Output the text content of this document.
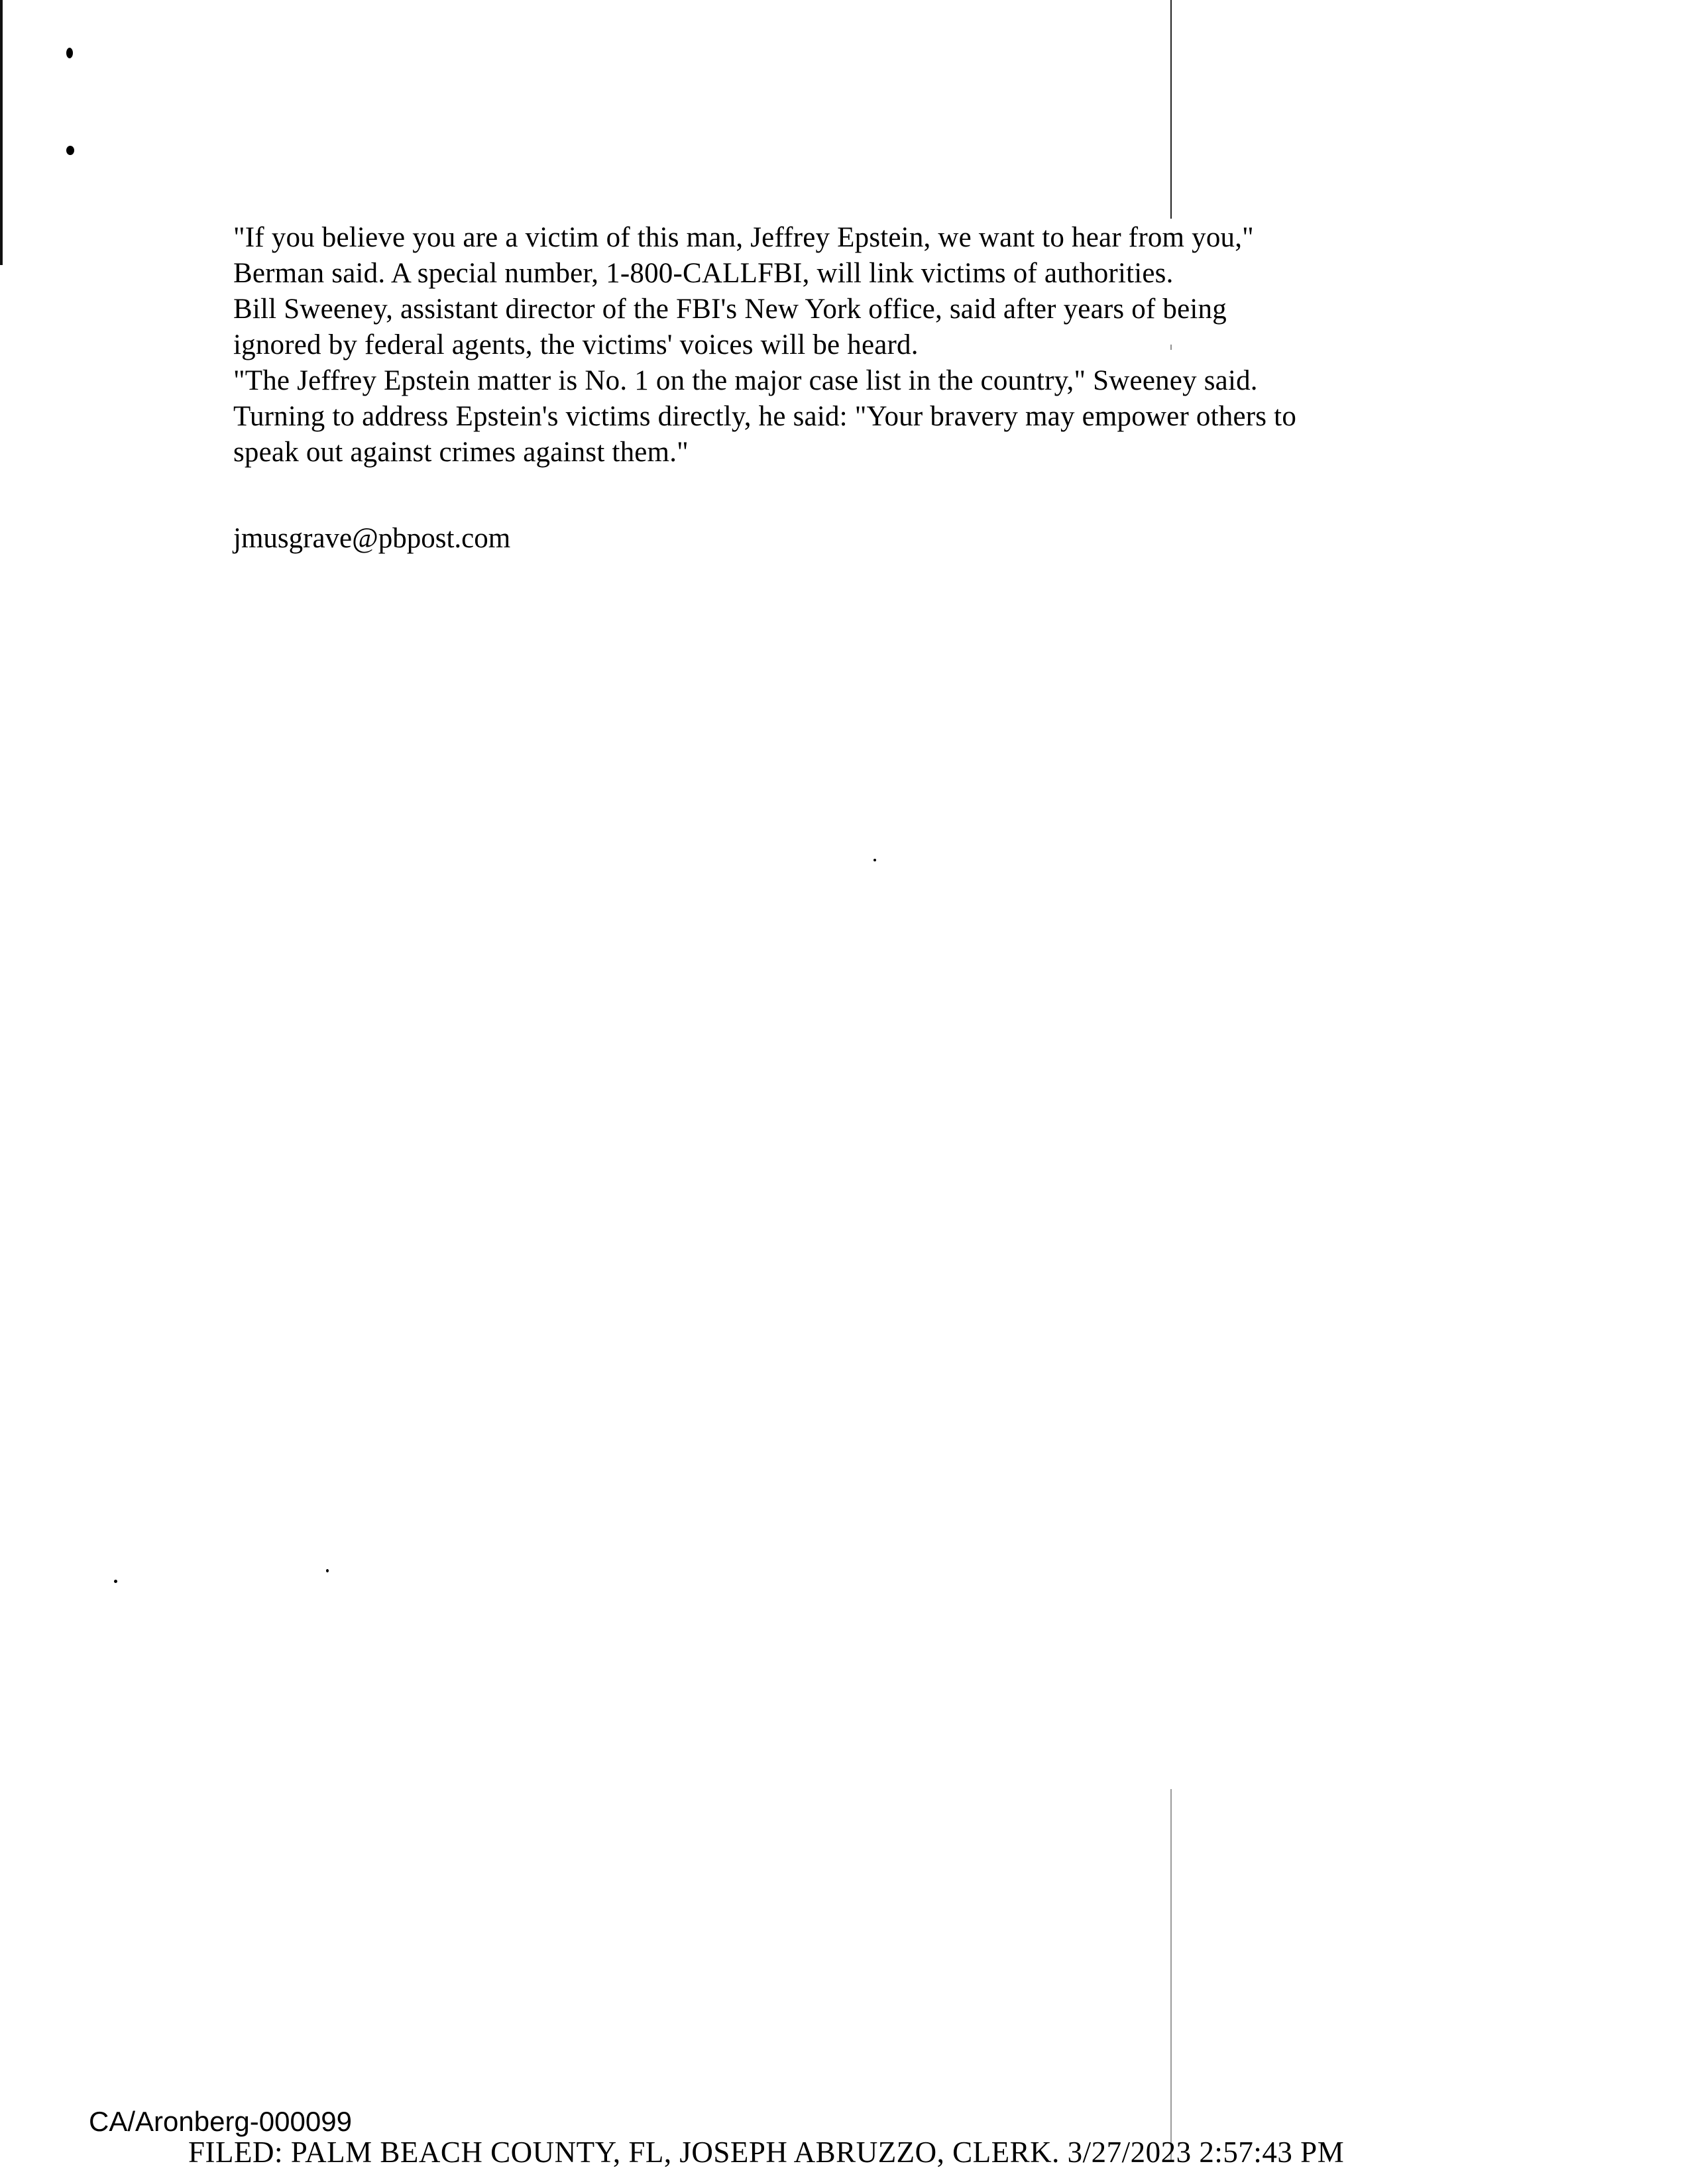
"If you believe you are a victim of this man, Jeffrey Epstein, we want to hear from you,"

Berman said. A special number, 1-800-CALLFBI, will link victims of authorities.

Bill Sweeney, assistant director of the FBI's New York office, said after years of being

ignored by federal agents, the victims' voices will be heard.

"The Jeffrey Epstein matter is No. 1 on the major case list in the country," Sweeney said.

Turning to address Epstein's victims directly, he said: "Your bravery may empower others to

speak out against crimes against them."

jmusgrave@pbpost.com
CA/Aronberg-000099
FILED: PALM BEACH COUNTY, FL, JOSEPH ABRUZZO, CLERK. 3/27/2023 2:57:43 PM
